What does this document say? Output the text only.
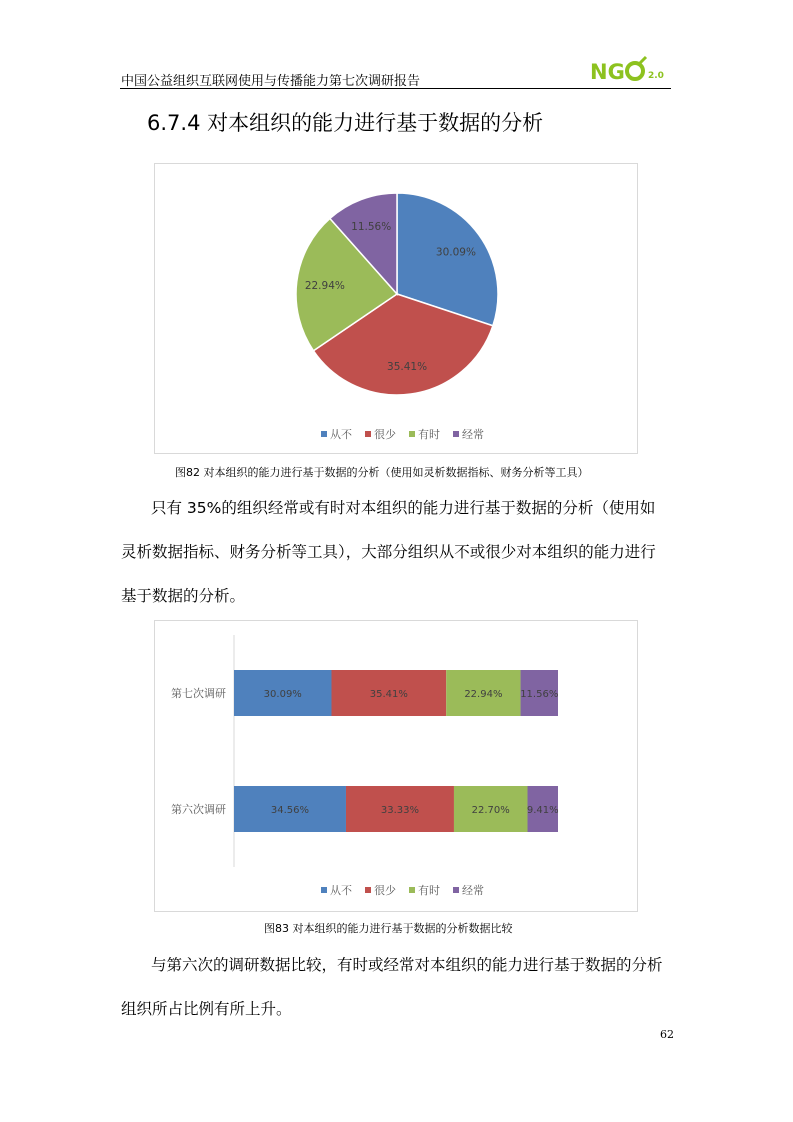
中国公益组织互联网使用与传播能力第七次调研报告	NG	2.0
6.7.4 对本组织的能力进行基于数据的分析
30.09%
35.41%
22.94%
11.56%
从不 很少 有时 经常
图82 对本组织的能力进行基于数据的分析（使用如灵析数据指标、财务分析等工具）
只有 35%的组织经常或有时对本组织的能力进行基于数据的分析（使用如
灵析数据指标、财务分析等工具），大部分组织从不或很少对本组织的能力进行
基于数据的分析。
第七次调研	30.09%	35.41%	22.94% 11.56%
第六次调研	34.56%	33.33%	22.70% 9.41%
从不 很少 有时 经常
图83 对本组织的能力进行基于数据的分析数据比较
与第六次的调研数据比较，有时或经常对本组织的能力进行基于数据的分析
组织所占比例有所上升。
62
